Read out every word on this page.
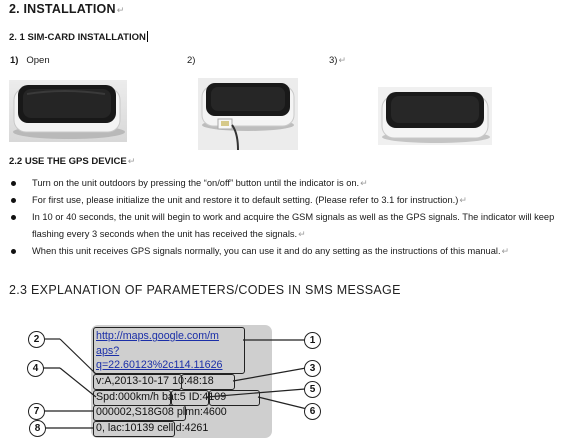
2. INSTALLATION↵
2. 1 SIM-CARD INSTALLATION
1) Open	2)	3)↵
2.2 USE THE GPS DEVICE↵
Turn on the unit outdoors by pressing the “on/off” button until the indicator is on.↵
For first use, please initialize the unit and restore it to default setting. (Please refer to 3.1 for instruction.)↵
In 10 or 40 seconds, the unit will begin to work and acquire the GSM signals as well as the GPS signals. The indicator will keep flashing every 3 seconds when the unit has received the signals.↵
When this unit receives GPS signals normally, you can use it and do any setting as the instructions of this manual.↵
2.3 EXPLANATION OF PARAMETERS/CODES IN SMS MESSAGE
http://maps.google.com/m
aps?
q=22.60123%2c114.11626
v:A,2013-10-17 10:48:18
Spd:000km/h bat:5 ID:4109
000002,S18G08 plmn:4600
0, lac:10139 cellid:4261
1
2
3
4
5
6
7
8
